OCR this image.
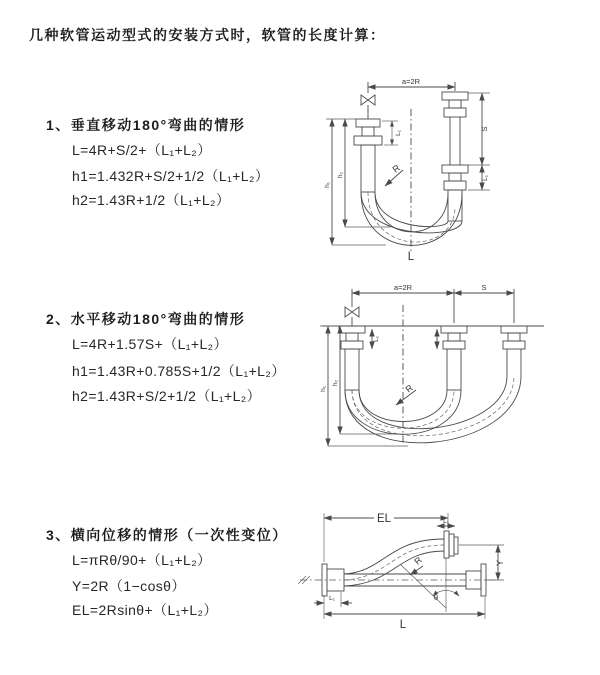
几种软管运动型式的安装方式时，软管的长度计算：
1、垂直移动180°弯曲的情形
L=4R+S/2+（L₁+L₂）
h1=1.432R+S/2+1/2（L₁+L₂）
h2=1.43R+1/2（L₁+L₂）
2、水平移动180°弯曲的情形
L=4R+1.57S+（L₁+L₂）
h1=1.43R+0.785S+1/2（L₁+L₂）
h2=1.43R+S/2+1/2（L₁+L₂）
3、横向位移的情形（一次性变位）
L=πRθ/90+（L₁+L₂）
Y=2R（1−cosθ）
EL=2Rsinθ+（L₁+L₂）
a=2R
L₁
h₁
h₂
S
L₁
R
L
a=2R	S
L₁
h₁
h₂	R
EL	L₁
Y
θ
R
L
L₁
